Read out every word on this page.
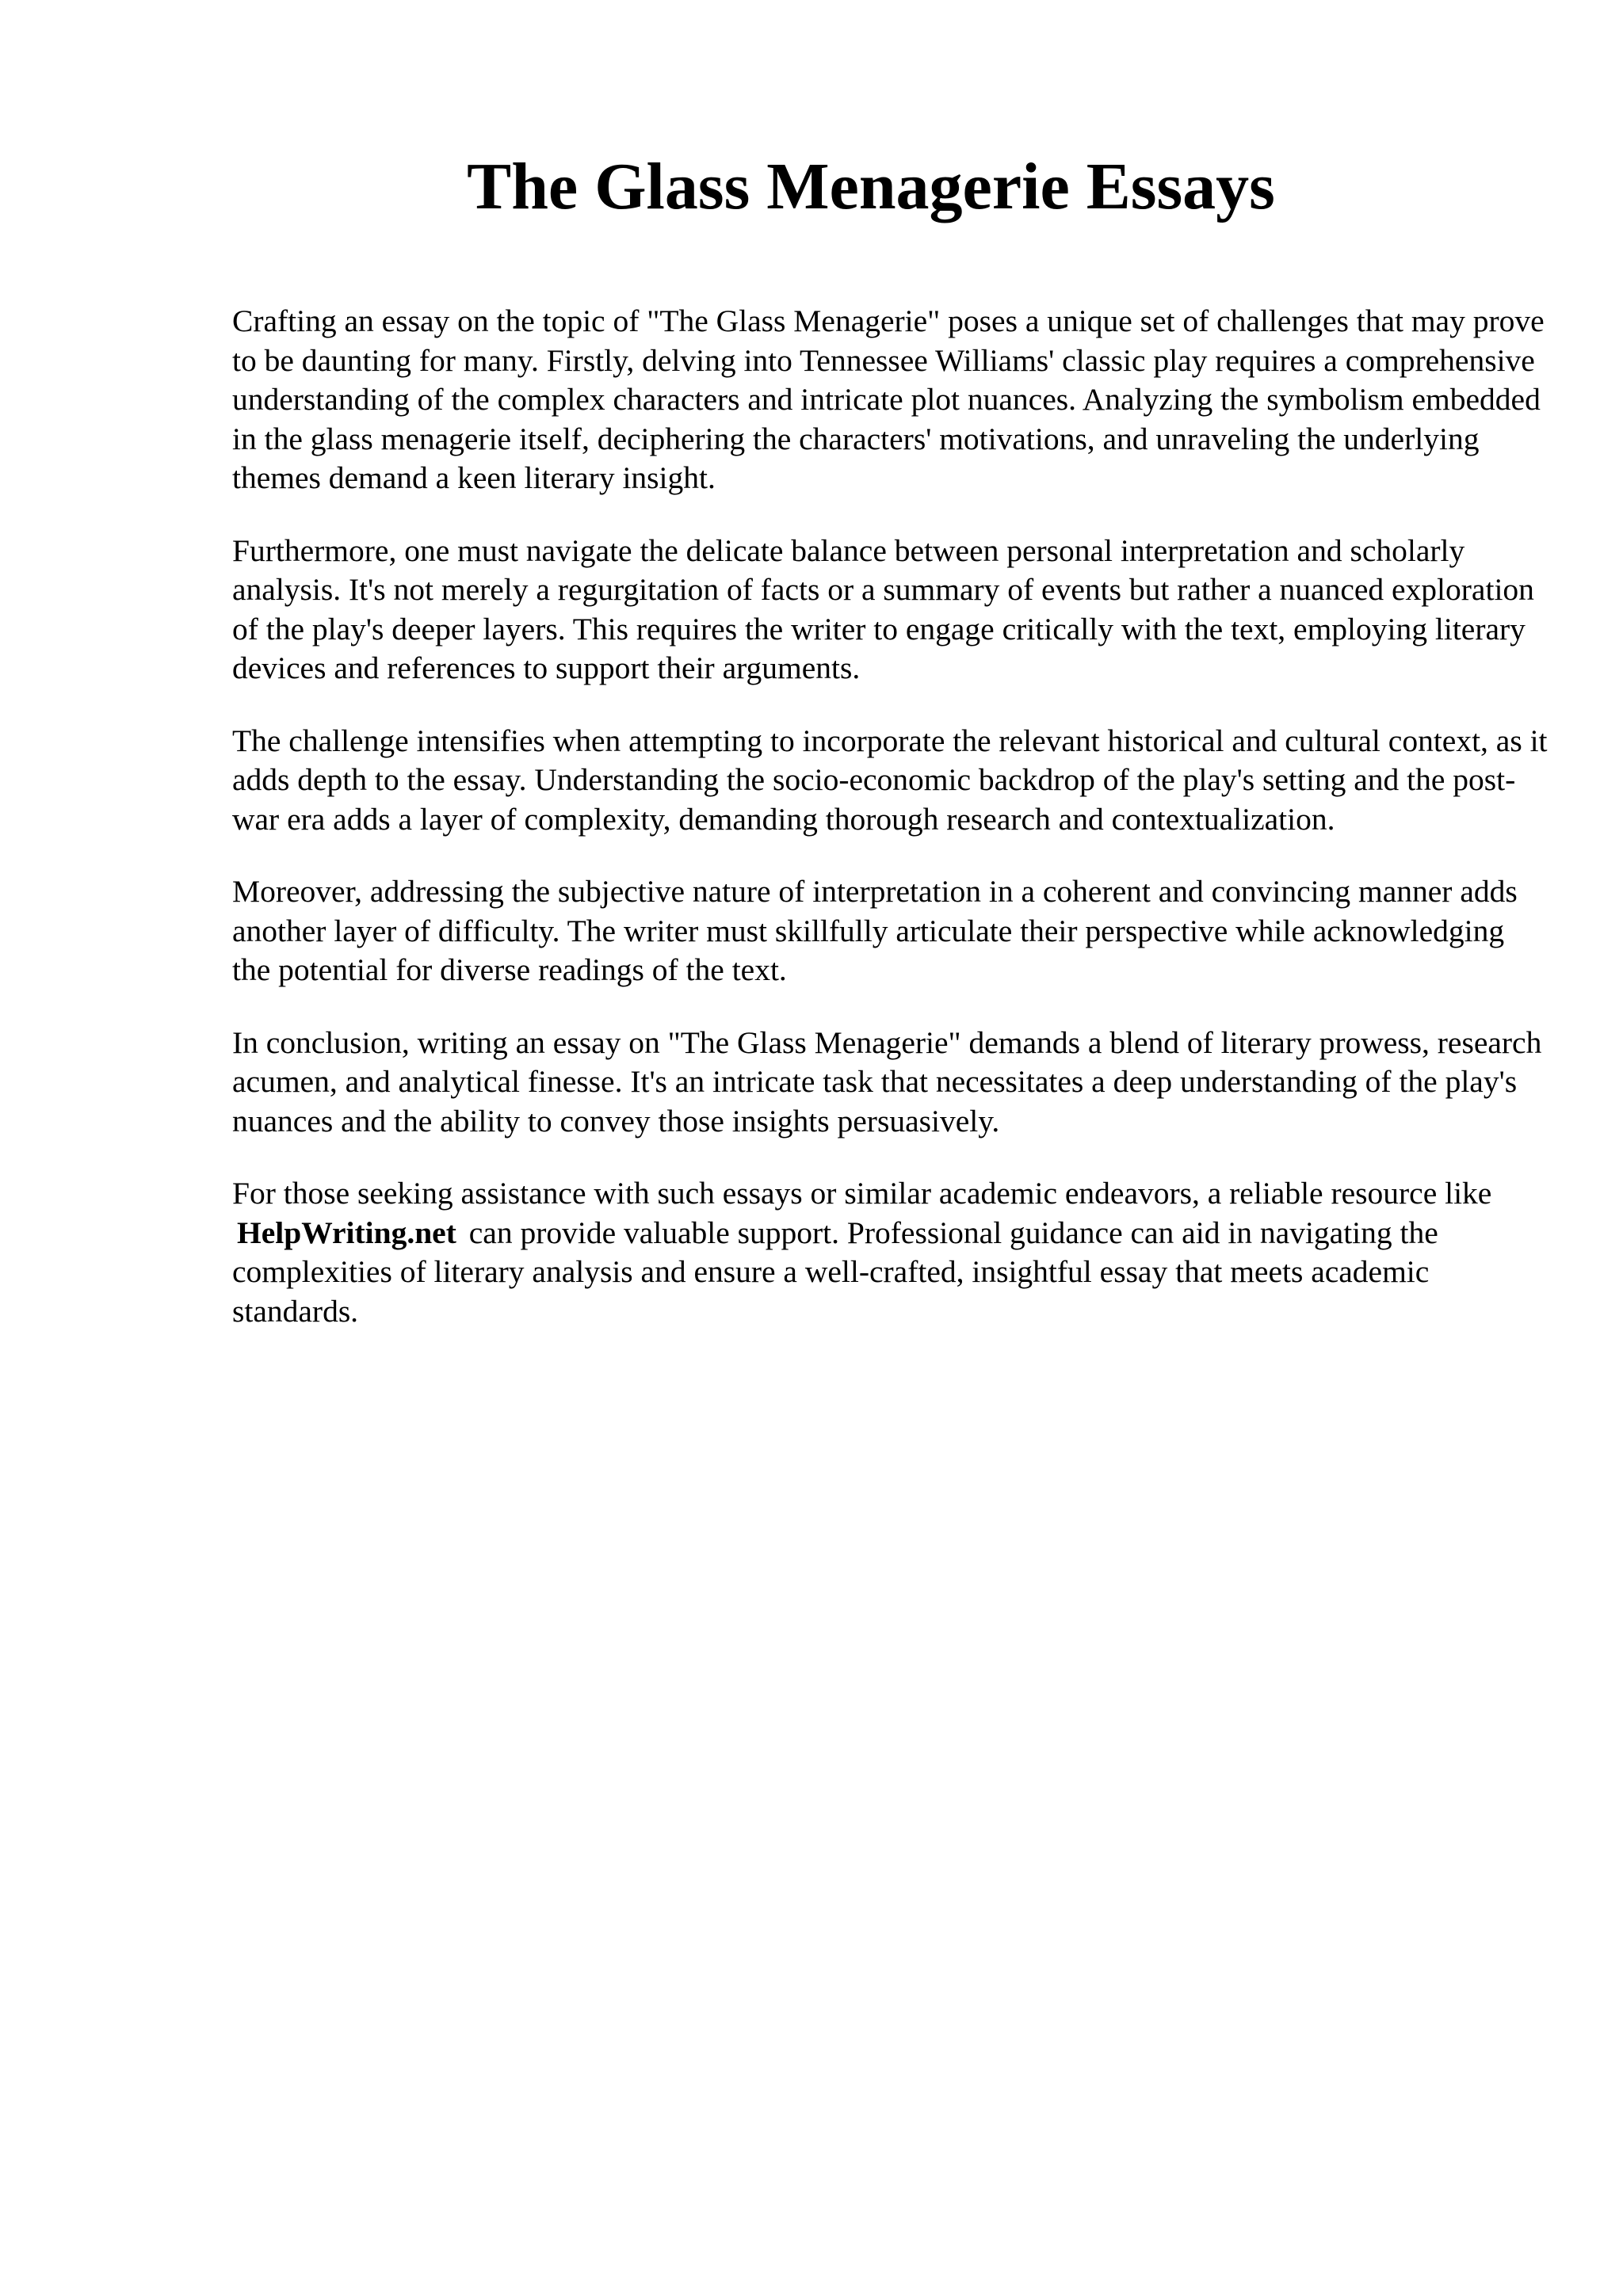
The Glass Menagerie Essays

Crafting an essay on the topic of "The Glass Menagerie" poses a unique set of challenges that may prove to be daunting for many. Firstly, delving into Tennessee Williams' classic play requires a comprehensive understanding of the complex characters and intricate plot nuances. Analyzing the symbolism embedded in the glass menagerie itself, deciphering the characters' motivations, and unraveling the underlying themes demand a keen literary insight.

Furthermore, one must navigate the delicate balance between personal interpretation and scholarly analysis. It's not merely a regurgitation of facts or a summary of events but rather a nuanced exploration of the play's deeper layers. This requires the writer to engage critically with the text, employing literary devices and references to support their arguments.

The challenge intensifies when attempting to incorporate the relevant historical and cultural context, as it adds depth to the essay. Understanding the socio-economic backdrop of the play's setting and the post-war era adds a layer of complexity, demanding thorough research and contextualization.

Moreover, addressing the subjective nature of interpretation in a coherent and convincing manner adds another layer of difficulty. The writer must skillfully articulate their perspective while acknowledging the potential for diverse readings of the text.

In conclusion, writing an essay on "The Glass Menagerie" demands a blend of literary prowess, research acumen, and analytical finesse. It's an intricate task that necessitates a deep understanding of the play's nuances and the ability to convey those insights persuasively.

For those seeking assistance with such essays or similar academic endeavors, a reliable resource like HelpWriting.net can provide valuable support. Professional guidance can aid in navigating the complexities of literary analysis and ensure a well-crafted, insightful essay that meets academic standards.
